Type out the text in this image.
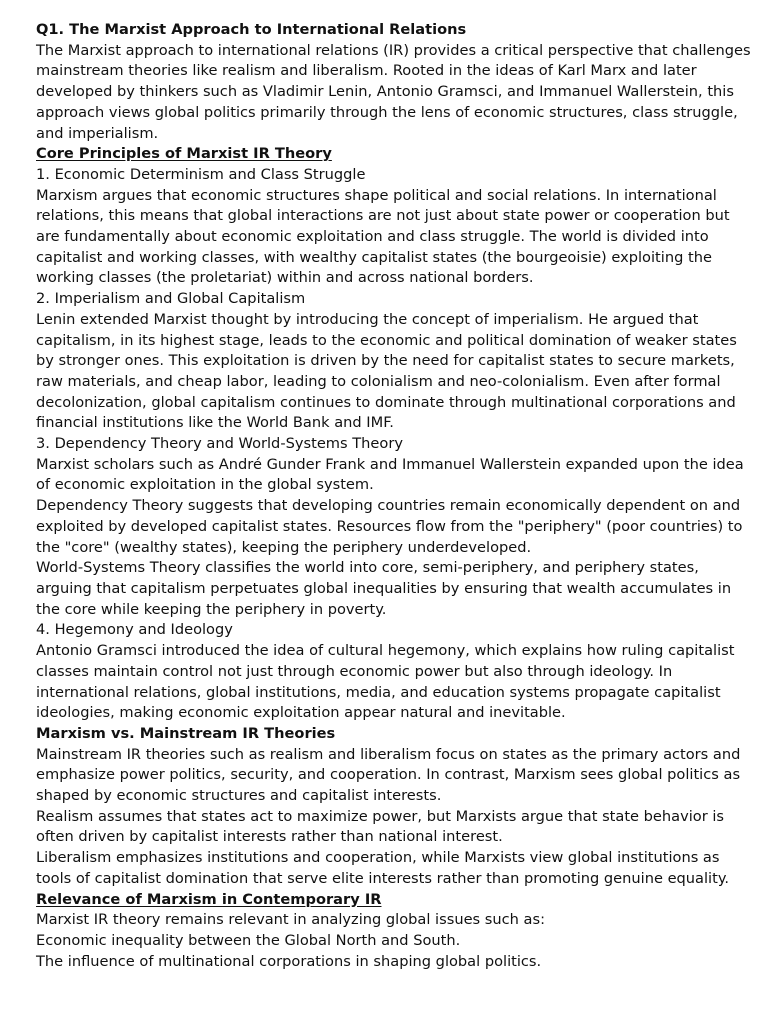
Q1. The Marxist Approach to International Relations

The Marxist approach to international relations (IR) provides a critical perspective that challenges mainstream theories like realism and liberalism. Rooted in the ideas of Karl Marx and later developed by thinkers such as Vladimir Lenin, Antonio Gramsci, and Immanuel Wallerstein, this approach views global politics primarily through the lens of economic structures, class struggle, and imperialism.

Core Principles of Marxist IR Theory

1. Economic Determinism and Class Struggle

Marxism argues that economic structures shape political and social relations. In international relations, this means that global interactions are not just about state power or cooperation but are fundamentally about economic exploitation and class struggle. The world is divided into capitalist and working classes, with wealthy capitalist states (the bourgeoisie) exploiting the working classes (the proletariat) within and across national borders.

2. Imperialism and Global Capitalism

Lenin extended Marxist thought by introducing the concept of imperialism. He argued that capitalism, in its highest stage, leads to the economic and political domination of weaker states by stronger ones. This exploitation is driven by the need for capitalist states to secure markets, raw materials, and cheap labor, leading to colonialism and neo-colonialism. Even after formal decolonization, global capitalism continues to dominate through multinational corporations and financial institutions like the World Bank and IMF.

3. Dependency Theory and World-Systems Theory

Marxist scholars such as André Gunder Frank and Immanuel Wallerstein expanded upon the idea of economic exploitation in the global system.

Dependency Theory suggests that developing countries remain economically dependent on and exploited by developed capitalist states. Resources flow from the "periphery" (poor countries) to the "core" (wealthy states), keeping the periphery underdeveloped.

World-Systems Theory classifies the world into core, semi-periphery, and periphery states, arguing that capitalism perpetuates global inequalities by ensuring that wealth accumulates in the core while keeping the periphery in poverty.

4. Hegemony and Ideology

Antonio Gramsci introduced the idea of cultural hegemony, which explains how ruling capitalist classes maintain control not just through economic power but also through ideology. In international relations, global institutions, media, and education systems propagate capitalist ideologies, making economic exploitation appear natural and inevitable.

Marxism vs. Mainstream IR Theories

Mainstream IR theories such as realism and liberalism focus on states as the primary actors and emphasize power politics, security, and cooperation. In contrast, Marxism sees global politics as shaped by economic structures and capitalist interests.

Realism assumes that states act to maximize power, but Marxists argue that state behavior is often driven by capitalist interests rather than national interest.

Liberalism emphasizes institutions and cooperation, while Marxists view global institutions as tools of capitalist domination that serve elite interests rather than promoting genuine equality.

Relevance of Marxism in Contemporary IR

Marxist IR theory remains relevant in analyzing global issues such as:

Economic inequality between the Global North and South.

The influence of multinational corporations in shaping global politics.
